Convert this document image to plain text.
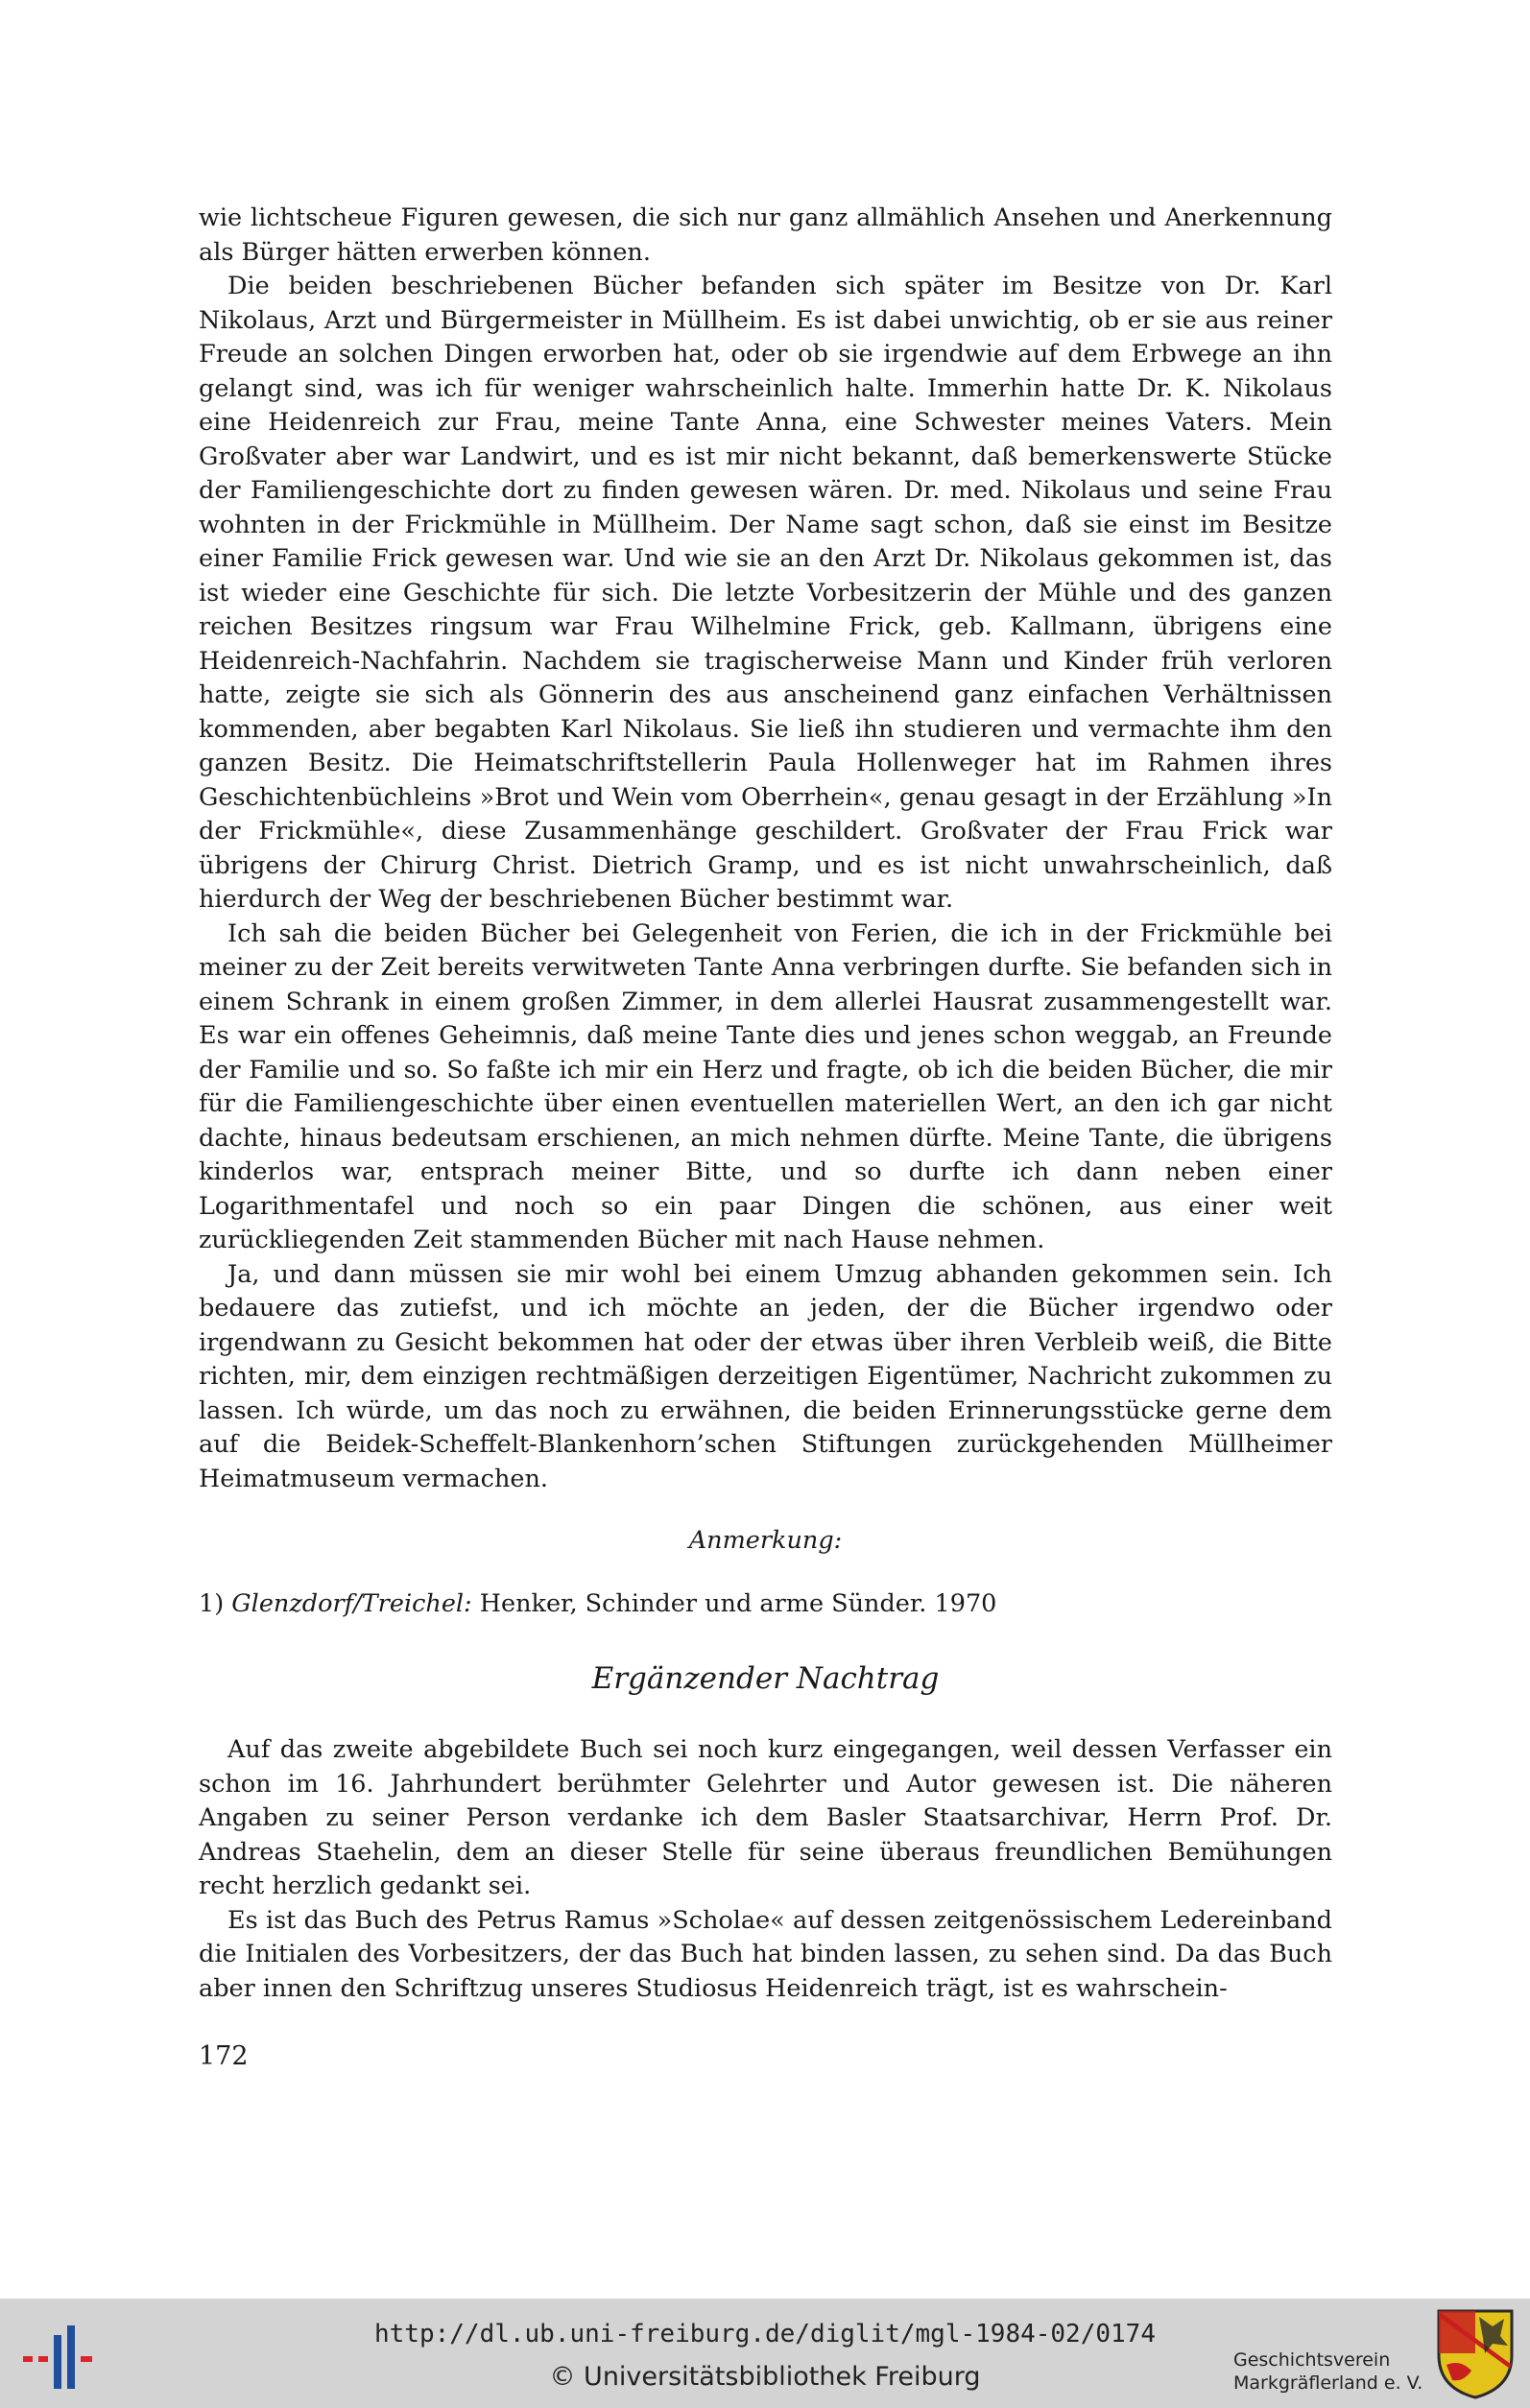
wie lichtscheue Figuren gewesen, die sich nur ganz allmählich Ansehen und Anerkennung als Bürger hätten erwerben können.

Die beiden beschriebenen Bücher befanden sich später im Besitze von Dr. Karl Nikolaus, Arzt und Bürgermeister in Müllheim. Es ist dabei unwichtig, ob er sie aus reiner Freude an solchen Dingen erworben hat, oder ob sie irgendwie auf dem Erbwege an ihn gelangt sind, was ich für weniger wahrscheinlich halte. Immerhin hatte Dr. K. Nikolaus eine Heidenreich zur Frau, meine Tante Anna, eine Schwester meines Vaters. Mein Großvater aber war Landwirt, und es ist mir nicht bekannt, daß bemerkenswerte Stücke der Familiengeschichte dort zu finden gewesen wären. Dr. med. Nikolaus und seine Frau wohnten in der Frickmühle in Müllheim. Der Name sagt schon, daß sie einst im Besitze einer Familie Frick gewesen war. Und wie sie an den Arzt Dr. Nikolaus gekommen ist, das ist wieder eine Geschichte für sich. Die letzte Vorbesitzerin der Mühle und des ganzen reichen Besitzes ringsum war Frau Wilhelmine Frick, geb. Kallmann, übrigens eine Heidenreich-Nachfahrin. Nachdem sie tragischerweise Mann und Kinder früh verloren hatte, zeigte sie sich als Gönnerin des aus anscheinend ganz einfachen Verhältnissen kommenden, aber begabten Karl Nikolaus. Sie ließ ihn studieren und vermachte ihm den ganzen Besitz. Die Heimatschriftstellerin Paula Hollenweger hat im Rahmen ihres Geschichtenbüchleins »Brot und Wein vom Oberrhein«, genau gesagt in der Erzählung »In der Frickmühle«, diese Zusammenhänge geschildert. Großvater der Frau Frick war übrigens der Chirurg Christ. Dietrich Gramp, und es ist nicht unwahrscheinlich, daß hierdurch der Weg der beschriebenen Bücher bestimmt war.

Ich sah die beiden Bücher bei Gelegenheit von Ferien, die ich in der Frickmühle bei meiner zu der Zeit bereits verwitweten Tante Anna verbringen durfte. Sie befanden sich in einem Schrank in einem großen Zimmer, in dem allerlei Hausrat zusammengestellt war. Es war ein offenes Geheimnis, daß meine Tante dies und jenes schon weggab, an Freunde der Familie und so. So faßte ich mir ein Herz und fragte, ob ich die beiden Bücher, die mir für die Familiengeschichte über einen eventuellen materiellen Wert, an den ich gar nicht dachte, hinaus bedeutsam erschienen, an mich nehmen dürfte. Meine Tante, die übrigens kinderlos war, entsprach meiner Bitte, und so durfte ich dann neben einer Logarithmentafel und noch so ein paar Dingen die schönen, aus einer weit zurückliegenden Zeit stammenden Bücher mit nach Hause nehmen.

Ja, und dann müssen sie mir wohl bei einem Umzug abhanden gekommen sein. Ich bedauere das zutiefst, und ich möchte an jeden, der die Bücher irgendwo oder irgendwann zu Gesicht bekommen hat oder der etwas über ihren Verbleib weiß, die Bitte richten, mir, dem einzigen rechtmäßigen derzeitigen Eigentümer, Nachricht zukommen zu lassen. Ich würde, um das noch zu erwähnen, die beiden Erinnerungsstücke gerne dem auf die Beidek-Scheffelt-Blankenhorn’schen Stiftungen zurückgehenden Müllheimer Heimatmuseum vermachen.

Anmerkung:
1) Glenzdorf/Treichel: Henker, Schinder und arme Sünder. 1970
Ergänzender Nachtrag

Auf das zweite abgebildete Buch sei noch kurz eingegangen, weil dessen Verfasser ein schon im 16. Jahrhundert berühmter Gelehrter und Autor gewesen ist. Die näheren Angaben zu seiner Person verdanke ich dem Basler Staatsarchivar, Herrn Prof. Dr. Andreas Staehelin, dem an dieser Stelle für seine überaus freundlichen Bemühungen recht herzlich gedankt sei.

Es ist das Buch des Petrus Ramus »Scholae« auf dessen zeitgenössischem Ledereinband die Initialen des Vorbesitzers, der das Buch hat binden lassen, zu sehen sind. Da das Buch aber innen den Schriftzug unseres Studiosus Heidenreich trägt, ist es wahrschein-

172
http://dl.ub.uni-freiburg.de/diglit/mgl-1984-02/0174
© Universitätsbibliothek Freiburg
Geschichtsverein
Markgräflerland e. V.
